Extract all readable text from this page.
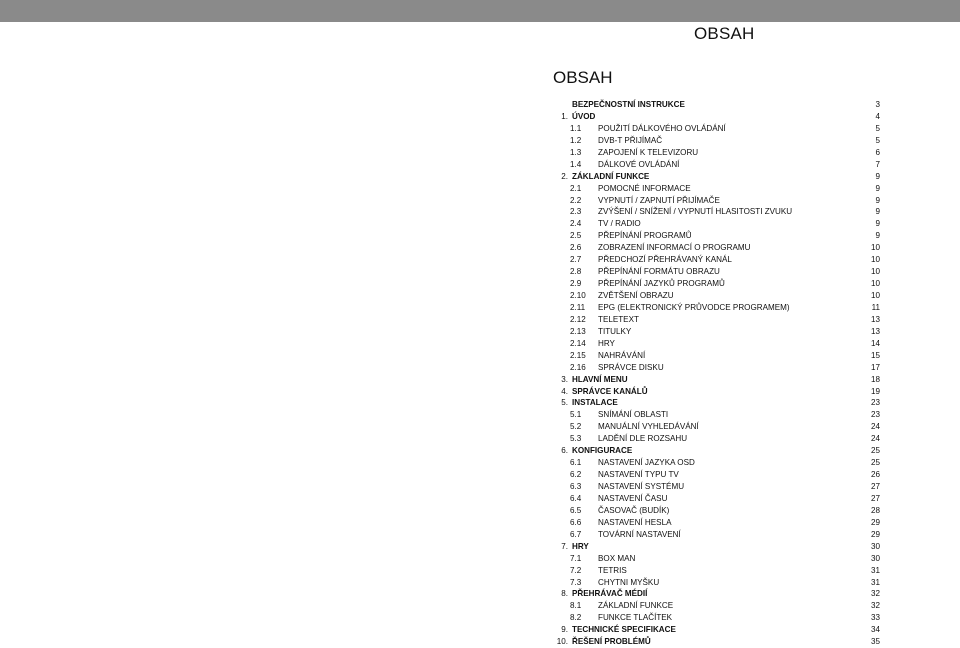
OBSAH
OBSAH
BEZPEČNOSTNÍ INSTRUKCE	3
1. ÚVOD	4
1.1 POUŽITÍ DÁLKOVÉHO OVLÁDÁNÍ	5
1.2 DVB-T PŘIJÍMAČ	5
1.3 ZAPOJENÍ K TELEVIZORU	6
1.4 DÁLKOVÉ OVLÁDÁNÍ	7
2. ZÁKLADNÍ FUNKCE	9
2.1 POMOCNÉ INFORMACE	9
2.2 VYPNUTÍ / ZAPNUTÍ PŘIJÍMAČE	9
2.3 ZVÝŠENÍ / SNÍŽENÍ / VYPNUTÍ HLASITOSTI ZVUKU	9
2.4 TV / RADIO	9
2.5 PŘEPÍNÁNÍ PROGRAMŮ	9
2.6 ZOBRAZENÍ INFORMACÍ O PROGRAMU	10
2.7 PŘEDCHOZÍ PŘEHRÁVANÝ KANÁL	10
2.8 PŘEPÍNÁNÍ FORMÁTU OBRAZU	10
2.9 PŘEPÍNÁNÍ JAZYKŮ PROGRAMŮ	10
2.10 ZVĚTŠENÍ OBRAZU	10
2.11 EPG (ELEKTRONICKÝ PRŮVODCE PROGRAMEM)	11
2.12 TELETEXT	13
2.13 TITULKY	13
2.14 HRY	14
2.15 NAHRÁVÁNÍ	15
2.16 SPRÁVCE DISKU	17
3. HLAVNÍ MENU	18
4. SPRÁVCE KANÁLŮ	19
5. INSTALACE	23
5.1 SNÍMÁNÍ OBLASTI	23
5.2 MANUÁLNÍ VYHLEDÁVÁNÍ	24
5.3 LADĚNÍ DLE ROZSAHU	24
6. KONFIGURACE	25
6.1 NASTAVENÍ JAZYKA OSD	25
6.2 NASTAVENÍ TYPU TV	26
6.3 NASTAVENÍ SYSTÉMU	27
6.4 NASTAVENÍ ČASU	27
6.5 ČASOVAČ (BUDÍK)	28
6.6 NASTAVENÍ HESLA	29
6.7 TOVÁRNÍ NASTAVENÍ	29
7. HRY	30
7.1 BOX MAN	30
7.2 TETRIS	31
7.3 CHYTNI MYŠKU	31
8. PŘEHRÁVAČ MÉDIÍ	32
8.1 ZÁKLADNÍ FUNKCE	32
8.2 FUNKCE TLAČÍTEK	33
9. TECHNICKÉ SPECIFIKACE	34
10. ŘEŠENÍ PROBLÉMŮ	35
